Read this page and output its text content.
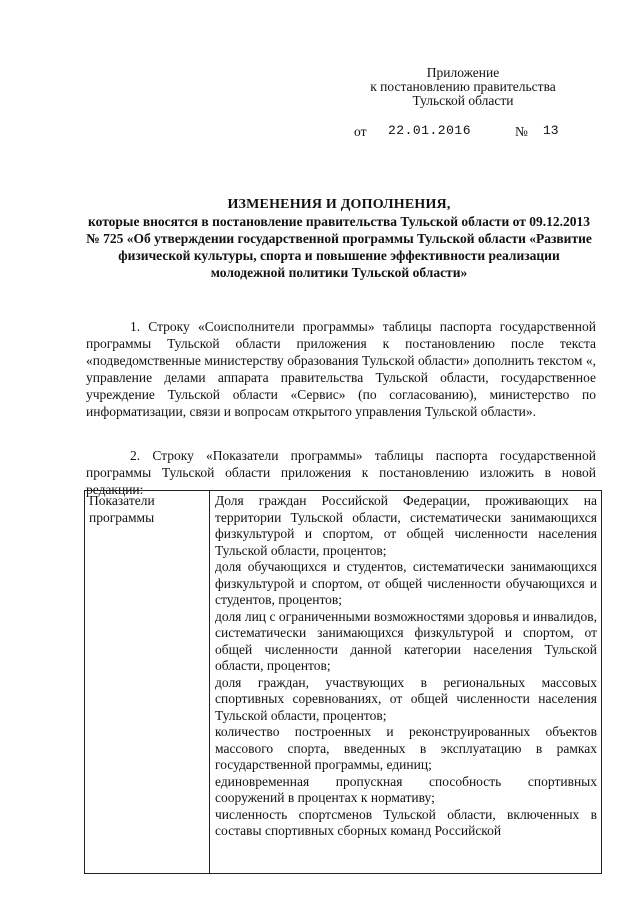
Приложение
к постановлению правительства
Тульской области
от 22.01.2016	№ 13
ИЗМЕНЕНИЯ И ДОПОЛНЕНИЯ,
которые вносятся в постановление правительства Тульской области от 09.12.2013 № 725 «Об утверждении государственной программы Тульской области «Развитие физической культуры, спорта и повышение эффективности реализации молодежной политики Тульской области»

1. Строку «Соисполнители программы» таблицы паспорта государственной программы Тульской области приложения к постановлению после текста «подведомственные министерству образования Тульской области» дополнить текстом «, управление делами аппарата правительства Тульской области, государственное учреждение Тульской области «Сервис» (по согласованию), министерство по информатизации, связи и вопросам открытого управления Тульской области».

2. Строку «Показатели программы» таблицы паспорта государственной программы Тульской области приложения к постановлению изложить в новой редакции:

Показатели программы

Доля граждан Российской Федерации, проживающих на территории Тульской области, систематически занимающихся физкультурой и спортом, от общей численности населения Тульской области, процентов;

доля обучающихся и студентов, систематически занимающихся физкультурой и спортом, от общей численности обучающихся и студентов, процентов;

доля лиц с ограниченными возможностями здоровья и инвалидов, систематически занимающихся физкультурой и спортом, от общей численности данной категории населения Тульской области, процентов;

доля граждан, участвующих в региональных массовых спортивных соревнованиях, от общей численности населения Тульской области, процентов;

количество построенных и реконструированных объектов массового спорта, введенных в эксплуатацию в рамках государственной программы, единиц;

единовременная пропускная способность спортивных сооружений в процентах к нормативу;

численность спортсменов Тульской области, включенных в составы спортивных сборных команд Российской
